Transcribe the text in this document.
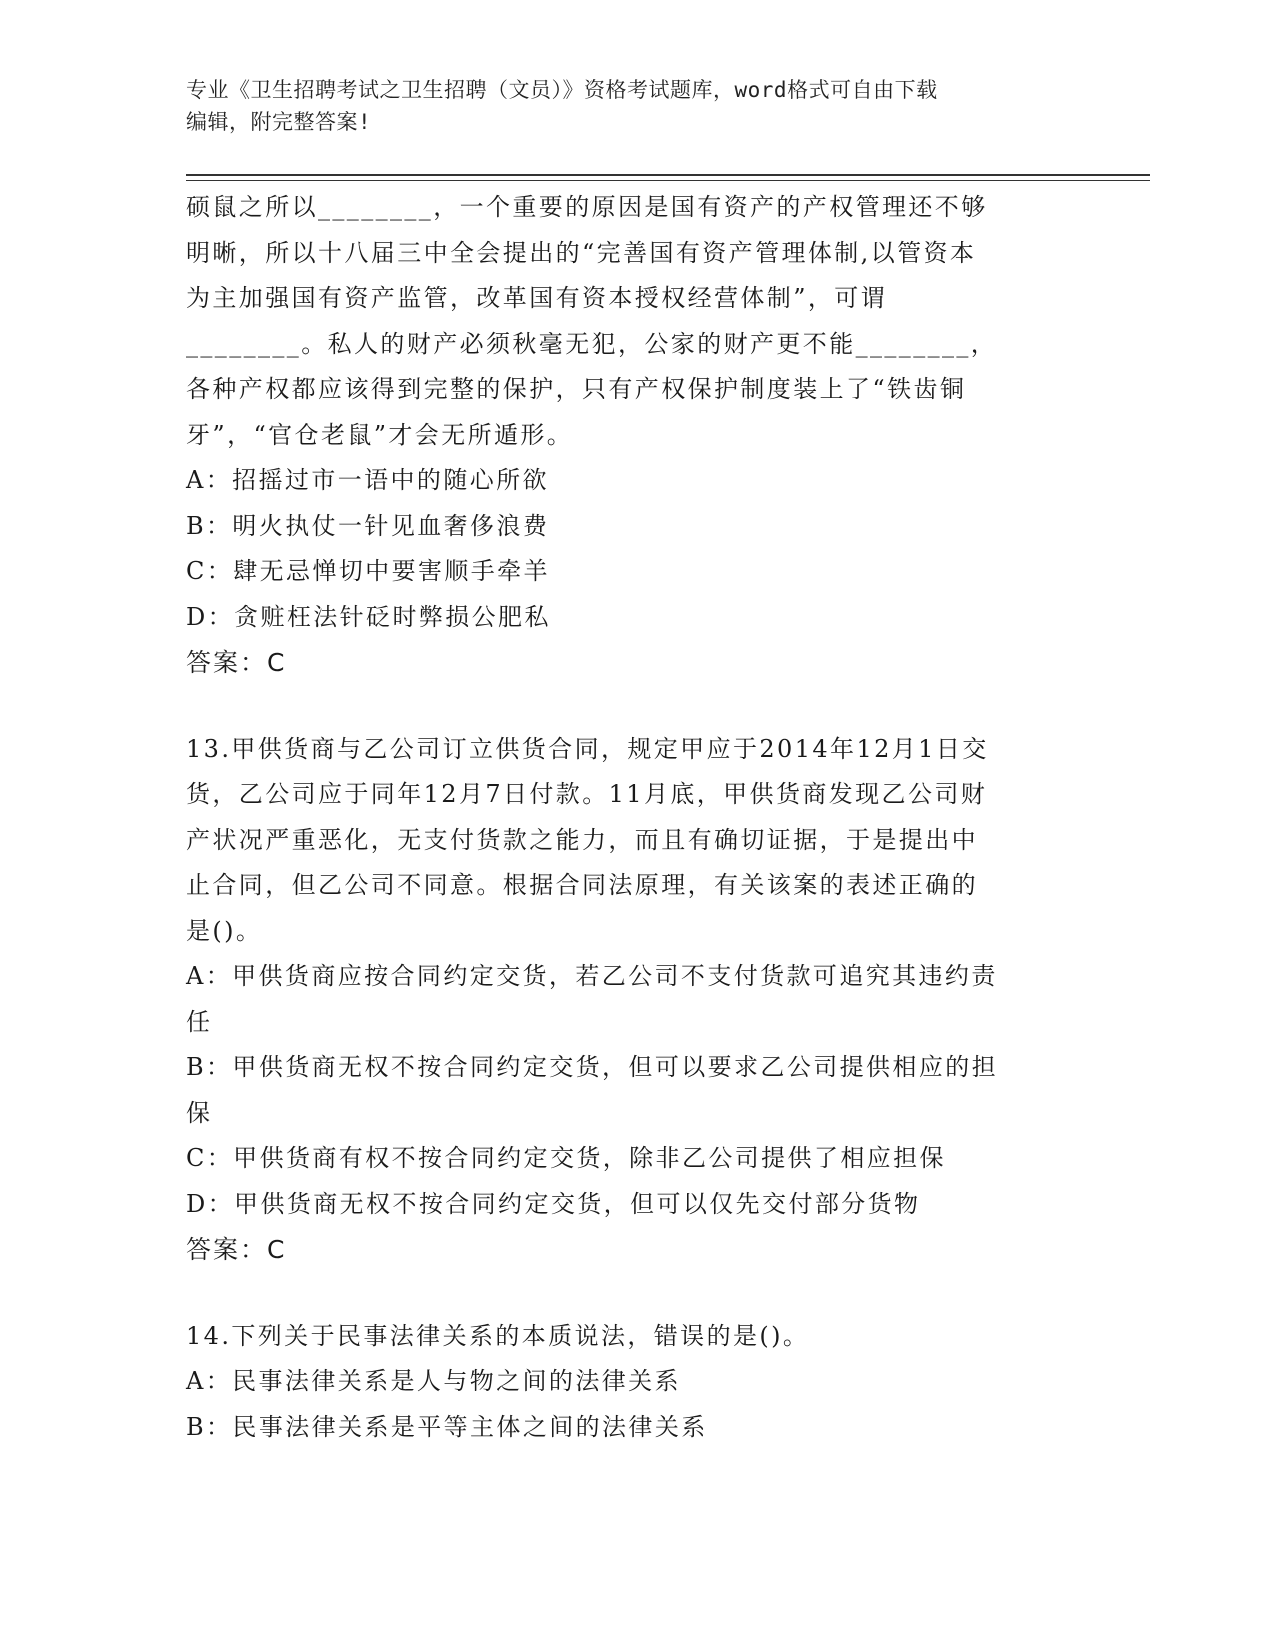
专业《卫生招聘考试之卫生招聘（文员）》资格考试题库，word格式可自由下载
编辑，附完整答案!
硕鼠之所以________，一个重要的原因是国有资产的产权管理还不够
明晰，所以十八届三中全会提出的“完善国有资产管理体制,以管资本
为主加强国有资产监管，改革国有资本授权经营体制”，可谓
________。私人的财产必须秋毫无犯，公家的财产更不能________，
各种产权都应该得到完整的保护，只有产权保护制度装上了“铁齿铜
牙”，“官仓老鼠”才会无所遁形。
A：招摇过市一语中的随心所欲
B：明火执仗一针见血奢侈浪费
C：肆无忌惮切中要害顺手牵羊
D：贪赃枉法针砭时弊损公肥私
答案：C
13.甲供货商与乙公司订立供货合同，规定甲应于2014年12月1日交
货，乙公司应于同年12月7日付款。11月底，甲供货商发现乙公司财
产状况严重恶化，无支付货款之能力，而且有确切证据，于是提出中
止合同，但乙公司不同意。根据合同法原理，有关该案的表述正确的
是()。
A：甲供货商应按合同约定交货，若乙公司不支付货款可追究其违约责
任
B：甲供货商无权不按合同约定交货，但可以要求乙公司提供相应的担
保
C：甲供货商有权不按合同约定交货，除非乙公司提供了相应担保
D：甲供货商无权不按合同约定交货，但可以仅先交付部分货物
答案：C
14.下列关于民事法律关系的本质说法，错误的是()。
A：民事法律关系是人与物之间的法律关系
B：民事法律关系是平等主体之间的法律关系
